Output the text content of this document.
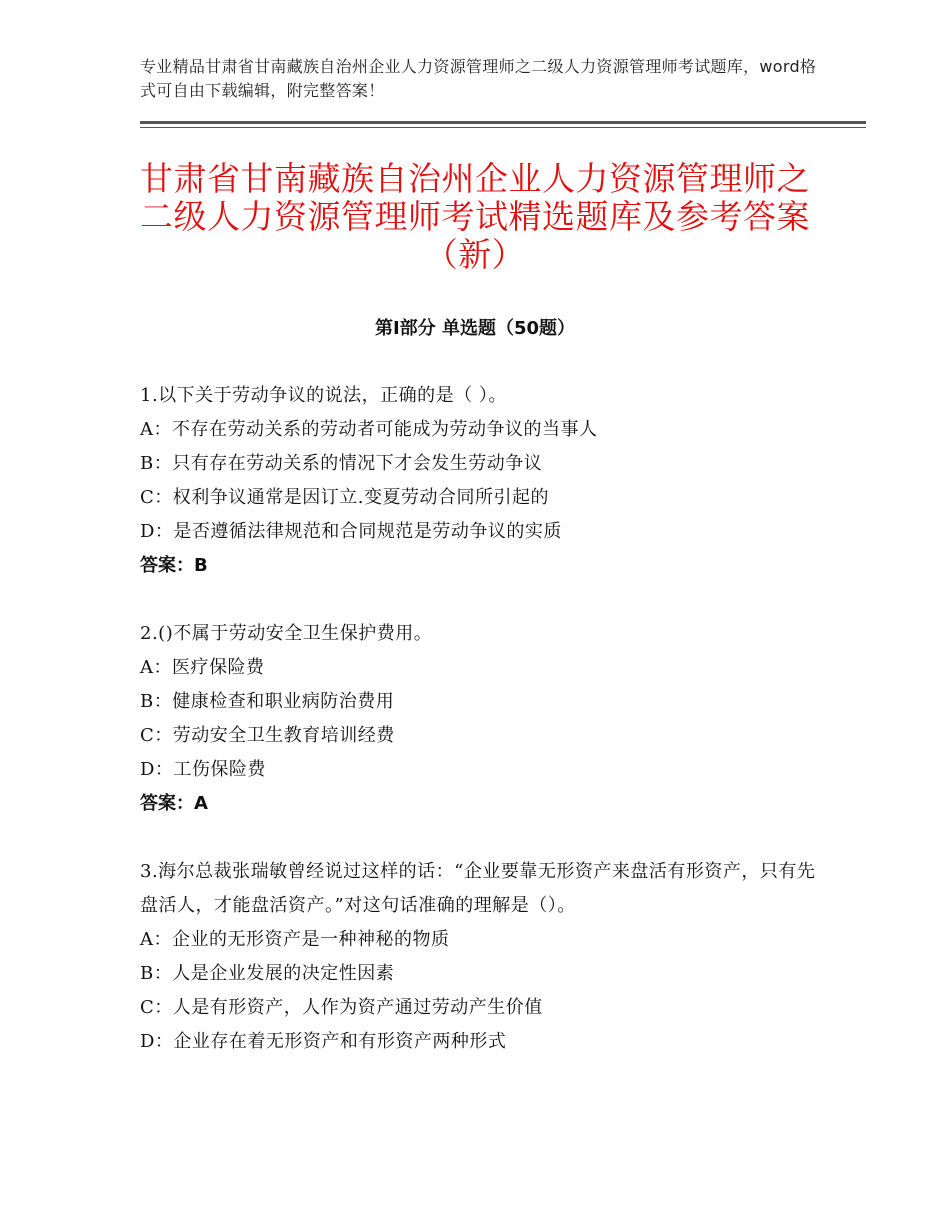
专业精品甘肃省甘南藏族自治州企业人力资源管理师之二级人力资源管理师考试题库，word格式可自由下载编辑，附完整答案！
甘肃省甘南藏族自治州企业人力资源管理师之二级人力资源管理师考试精选题库及参考答案（新）
第Ⅰ部分 单选题（50题）
1.以下关于劳动争议的说法，正确的是（ ）。
A：不存在劳动关系的劳动者可能成为劳动争议的当事人
B：只有存在劳动关系的情况下才会发生劳动争议
C：权利争议通常是因订立.变夏劳动合同所引起的
D：是否遵循法律规范和合同规范是劳动争议的实质
答案：B
2.()不属于劳动安全卫生保护费用。
A：医疗保险费
B：健康检查和职业病防治费用
C：劳动安全卫生教育培训经费
D：工伤保险费
答案：A
3.海尔总裁张瑞敏曾经说过这样的话：“企业要靠无形资产来盘活有形资产，只有先盘活人，才能盘活资产。”对这句话准确的理解是（）。
A：企业的无形资产是一种神秘的物质
B：人是企业发展的决定性因素
C：人是有形资产，人作为资产通过劳动产生价值
D：企业存在着无形资产和有形资产两种形式
